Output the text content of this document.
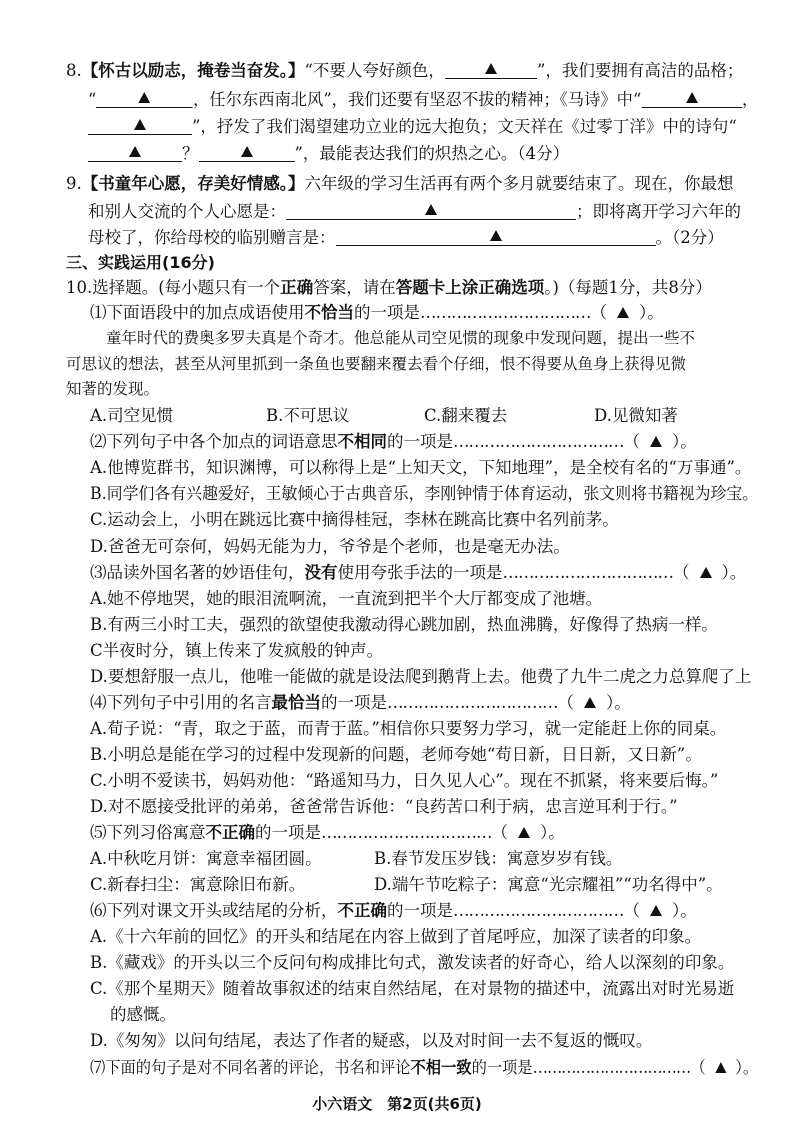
8.【怀古以励志，掩卷当奋发。】“不要人夸好颜色，	”，我们要拥有高洁的品格；
“	，任尔东西南北风”，我们还要有坚忍不拔的精神；《马诗》中“	，
”，抒发了我们渴望建功立业的远大抱负；文天祥在《过零丁洋》中的诗句“
？	”，最能表达我们的炽热之心。（4分）
9.【书童年心愿，存美好情感。】六年级的学习生活再有两个多月就要结束了。现在，你最想
和别人交流的个人心愿是：	；即将离开学习六年的
母校了，你给母校的临别赠言是：	。（2分）
三、实践运用(16分)
10.选择题。(每小题只有一个正确答案，请在答题卡上涂正确选项。)（每题1分，共8分）
⑴下面语段中的加点成语使用不恰当的一项是……………………………（ ）。
童年时代的费奥多罗夫真是个奇才。他总能从司空见惯的现象中发现问题，提出一些不
可思议的想法，甚至从河里抓到一条鱼也要翻来覆去看个仔细，恨不得要从鱼身上获得见微
知著的发现。
A.司空见惯	B.不可思议	C.翻来覆去	D.见微知著
⑵下列句子中各个加点的词语意思不相同的一项是……………………………（ ）。
A.他博览群书，知识渊博，可以称得上是“上知天文，下知地理”，是全校有名的“万事通”。
B.同学们各有兴趣爱好，王敏倾心于古典音乐，李刚钟情于体育运动，张文则将书籍视为珍宝。
C.运动会上，小明在跳远比赛中摘得桂冠，李林在跳高比赛中名列前茅。
D.爸爸无可奈何，妈妈无能为力，爷爷是个老师，也是毫无办法。
⑶品读外国名著的妙语佳句，没有使用夸张手法的一项是……………………………（ ）。
A.她不停地哭，她的眼泪流啊流，一直流到把半个大厅都变成了池塘。
B.有两三小时工夫，强烈的欲望使我激动得心跳加剧，热血沸腾，好像得了热病一样。
C半夜时分，镇上传来了发疯般的钟声。
D.要想舒服一点儿，他唯一能做的就是设法爬到鹅背上去。他费了九牛二虎之力总算爬了上
⑷下列句子中引用的名言最恰当的一项是……………………………（ ）。
A.荀子说：“青，取之于蓝，而青于蓝。”相信你只要努力学习，就一定能赶上你的同桌。
B.小明总是能在学习的过程中发现新的问题，老师夸她“苟日新，日日新，又日新”。
C.小明不爱读书，妈妈劝他：“路遥知马力，日久见人心”。现在不抓紧，将来要后悔。”
D.对不愿接受批评的弟弟，爸爸常告诉他：“良药苦口利于病，忠言逆耳利于行。”
⑸下列习俗寓意不正确的一项是……………………………（ ）。
A.中秋吃月饼：寓意幸福团圆。	B.春节发压岁钱：寓意岁岁有钱。
C.新春扫尘：寓意除旧布新。	D.端午节吃粽子：寓意“光宗耀祖”“功名得中”。
⑹下列对课文开头或结尾的分析，不正确的一项是……………………………（ ）。
A.《十六年前的回忆》的开头和结尾在内容上做到了首尾呼应，加深了读者的印象。
B.《藏戏》的开头以三个反问句构成排比句式，激发读者的好奇心，给人以深刻的印象。
C.《那个星期天》随着故事叙述的结束自然结尾，在对景物的描述中，流露出对时光易逝
的感慨。
D.《匆匆》以问句结尾，表达了作者的疑惑，以及对时间一去不复返的慨叹。
⑺下面的句子是对不同名著的评论，书名和评论不相一致的一项是……………………………（ ）。
小六语文　第2页(共6页)
